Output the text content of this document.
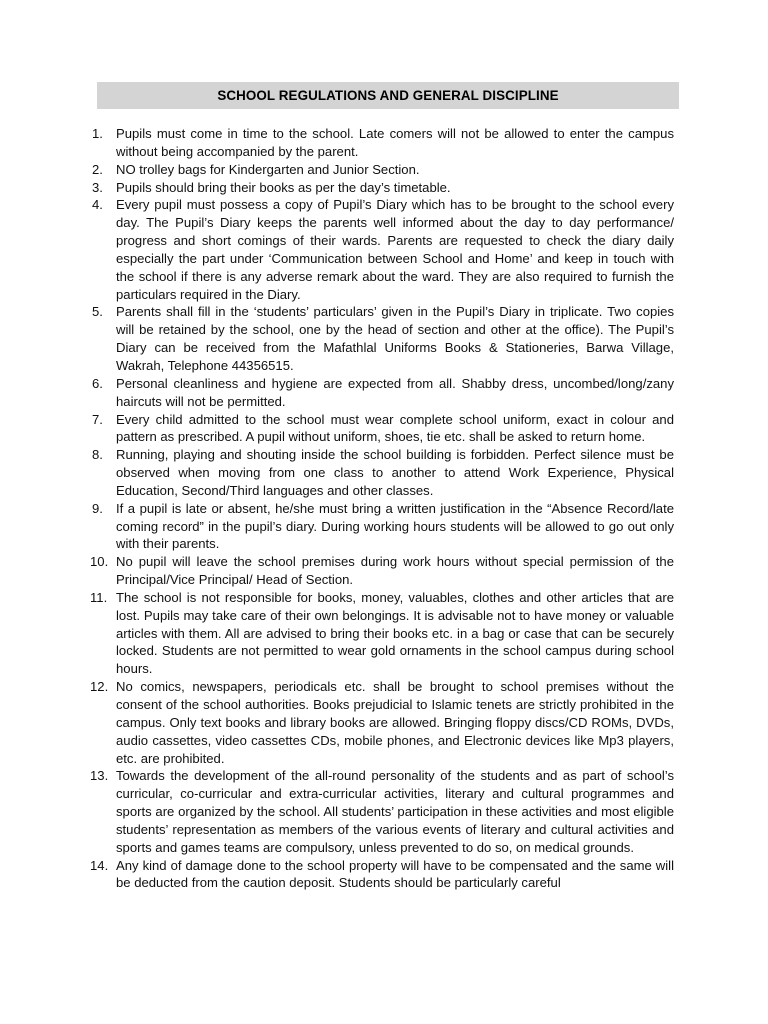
SCHOOL REGULATIONS AND GENERAL DISCIPLINE
1. Pupils must come in time to the school. Late comers will not be allowed to enter the campus without being accompanied by the parent.
2. NO trolley bags for Kindergarten and Junior Section.
3. Pupils should bring their books as per the day’s timetable.
4. Every pupil must possess a copy of Pupil’s Diary which has to be brought to the school every day. The Pupil’s Diary keeps the parents well informed about the day to day performance/ progress and short comings of their wards. Parents are requested to check the diary daily especially the part under ‘Communication between School and Home’ and keep in touch with the school if there is any adverse remark about the ward. They are also required to furnish the particulars required in the Diary.
5. Parents shall fill in the ‘students’ particulars’ given in the Pupil’s Diary in triplicate. Two copies will be retained by the school, one by the head of section and other at the office). The Pupil’s Diary can be received from the Mafathlal Uniforms Books & Stationeries, Barwa Village, Wakrah, Telephone 44356515.
6. Personal cleanliness and hygiene are expected from all. Shabby dress, uncombed/long/zany haircuts will not be permitted.
7. Every child admitted to the school must wear complete school uniform, exact in colour and pattern as prescribed. A pupil without uniform, shoes, tie etc. shall be asked to return home.
8. Running, playing and shouting inside the school building is forbidden. Perfect silence must be observed when moving from one class to another to attend Work Experience, Physical Education, Second/Third languages and other classes.
9. If a pupil is late or absent, he/she must bring a written justification in the “Absence Record/late coming record” in the pupil’s diary. During working hours students will be allowed to go out only with their parents.
10. No pupil will leave the school premises during work hours without special permission of the Principal/Vice Principal/ Head of Section.
11. The school is not responsible for books, money, valuables, clothes and other articles that are lost. Pupils may take care of their own belongings. It is advisable not to have money or valuable articles with them. All are advised to bring their books etc. in a bag or case that can be securely locked. Students are not permitted to wear gold ornaments in the school campus during school hours.
12. No comics, newspapers, periodicals etc. shall be brought to school premises without the consent of the school authorities. Books prejudicial to Islamic tenets are strictly prohibited in the campus. Only text books and library books are allowed. Bringing floppy discs/CD ROMs, DVDs, audio cassettes, video cassettes CDs, mobile phones, and Electronic devices like Mp3 players, etc. are prohibited.
13. Towards the development of the all-round personality of the students and as part of school’s curricular, co-curricular and extra-curricular activities, literary and cultural programmes and sports are organized by the school. All students’ participation in these activities and most eligible students’ representation as members of the various events of literary and cultural activities and sports and games teams are compulsory, unless prevented to do so, on medical grounds.
14. Any kind of damage done to the school property will have to be compensated and the same will be deducted from the caution deposit. Students should be particularly careful
